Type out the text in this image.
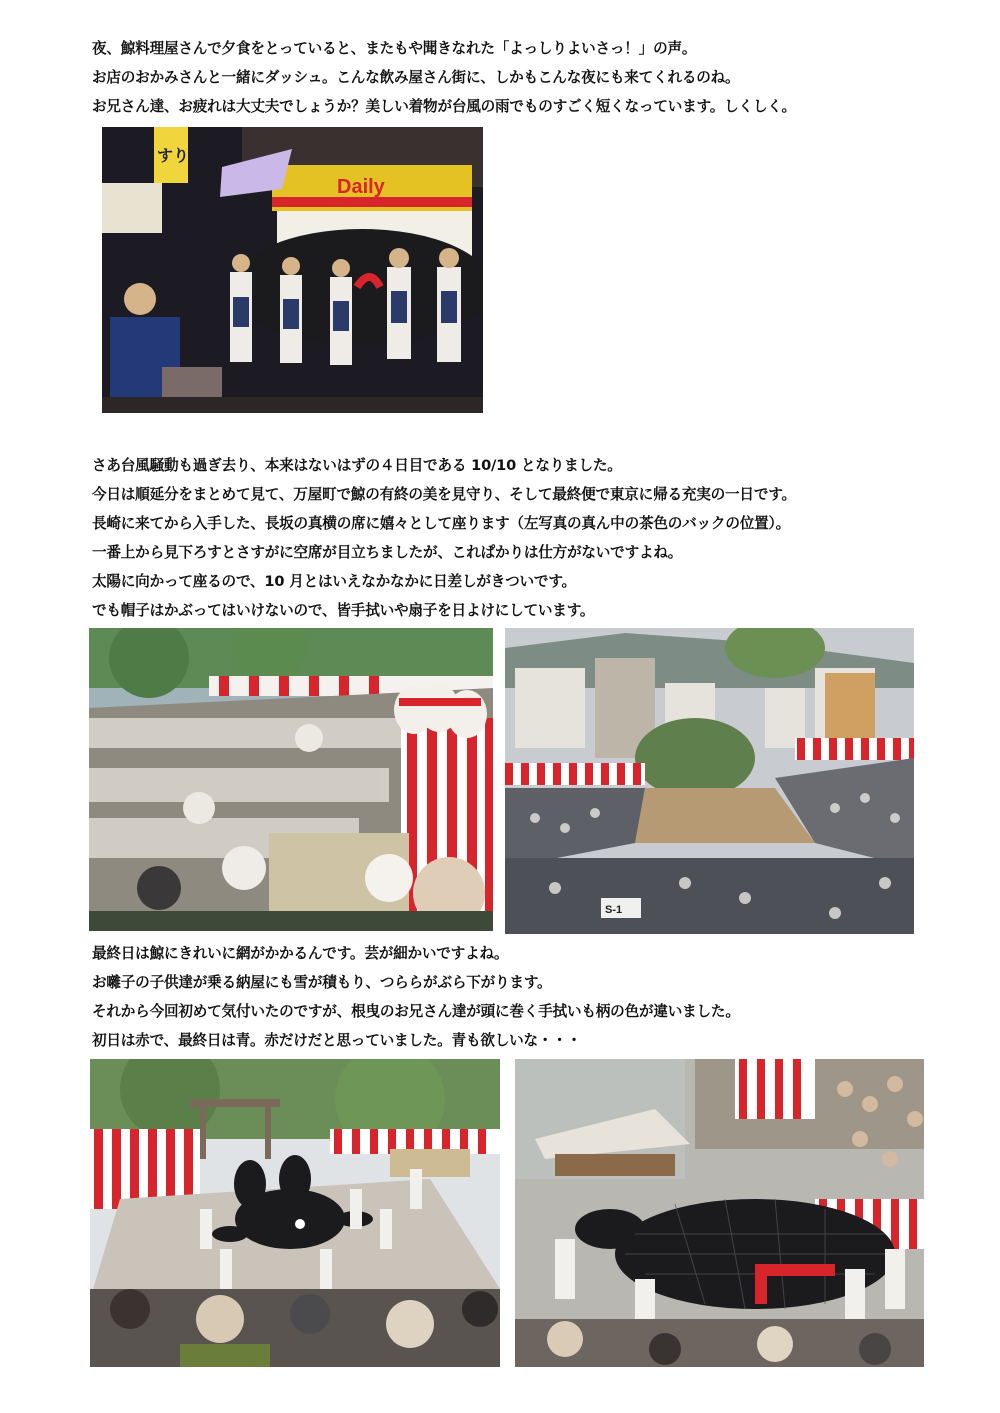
夜、鯨料理屋さんで夕食をとっていると、またもや聞きなれた「よっしりよいさっ！」の声。
お店のおかみさんと一緒にダッシュ。こんな飲み屋さん街に、しかもこんな夜にも来てくれるのね。
お兄さん達、お疲れは大丈夫でしょうか？美しい着物が台風の雨でものすごく短くなっています。しくしく。
Daily
すり
さあ台風騒動も過ぎ去り、本来はないはずの４日目である 10/10 となりました。
今日は順延分をまとめて見て、万屋町で鯨の有終の美を見守り、そして最終便で東京に帰る充実の一日です。
長崎に来てから入手した、長坂の真横の席に嬉々として座ります（左写真の真ん中の茶色のバックの位置）。
一番上から見下ろすとさすがに空席が目立ちましたが、これぱかりは仕方がないですよね。
太陽に向かって座るので、10 月とはいえなかなかに日差しがきついです。
でも帽子はかぶってはいけないので、皆手拭いや扇子を日よけにしています。
S-1
最終日は鯨にきれいに網がかかるんです。芸が細かいですよね。
お囃子の子供達が乗る納屋にも雪が積もり、つららがぶら下がります。
それから今回初めて気付いたのですが、根曳のお兄さん達が頭に巻く手拭いも柄の色が違いました。
初日は赤で、最終日は青。赤だけだと思っていました。青も欲しいな・・・
